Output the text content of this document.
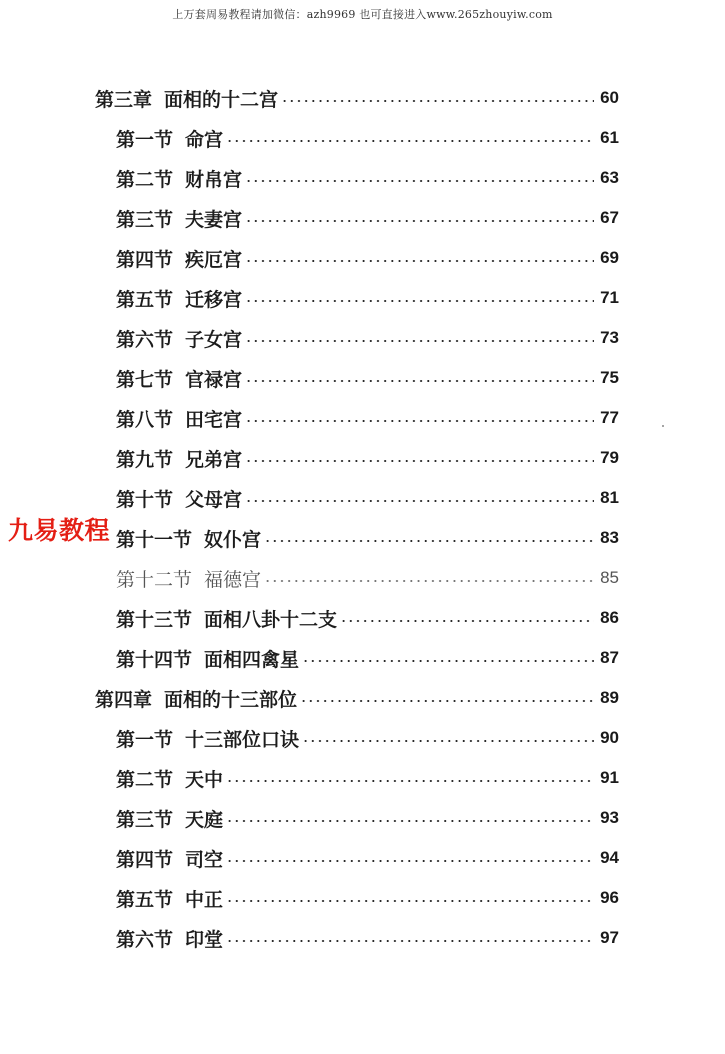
上万套周易教程请加微信：azh9969 也可直接进入www.265zhouyiw.com
第三章 面相的十二宫	60
第一节 命宫	61
第二节 财帛宫	63
第三节 夫妻宫	67
第四节 疾厄宫	69
第五节 迁移宫	71
第六节 子女宫	73
第七节 官禄宫	75
第八节 田宅宫	77
第九节 兄弟宫	79
第十节 父母宫	81
第十一节 奴仆宫	83
第十二节 福德宫	85
第十三节 面相八卦十二支	86
第十四节 面相四禽星	87
第四章 面相的十三部位	89
第一节 十三部位口诀	90
第二节 天中	91
第三节 天庭	93
第四节 司空	94
第五节 中正	96
第六节 印堂	97
九易教程
